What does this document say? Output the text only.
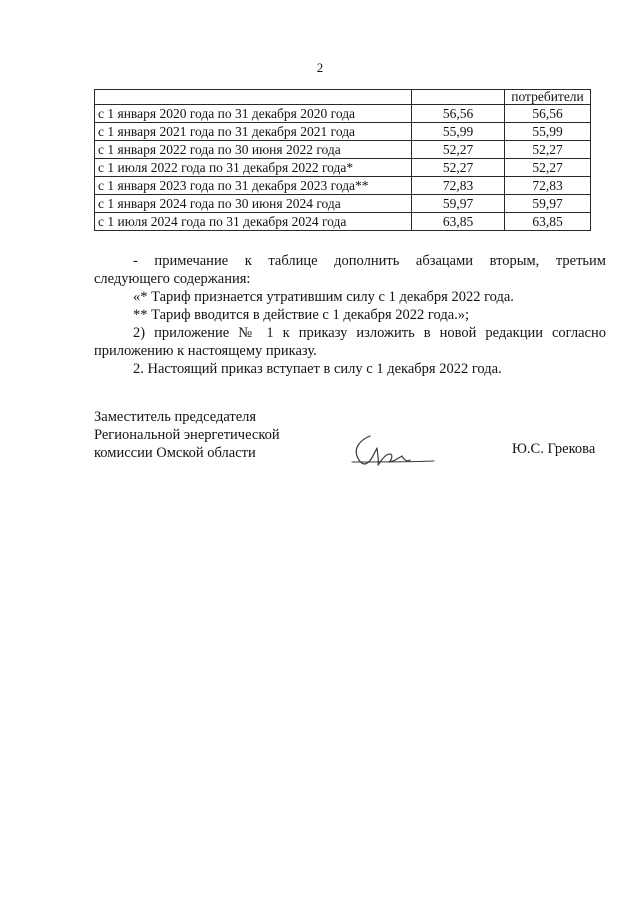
2
		потребители
с 1 января 2020 года по 31 декабря 2020 года	56,56	56,56
с 1 января 2021 года по 31 декабря 2021 года	55,99	55,99
с 1 января 2022 года по 30 июня 2022 года	52,27	52,27
с 1 июля 2022 года по 31 декабря 2022 года*	52,27	52,27
с 1 января 2023 года по 31 декабря 2023 года**	72,83	72,83
с 1 января 2024 года по 30 июня 2024 года	59,97	59,97
с 1 июля 2024 года по 31 декабря 2024 года	63,85	63,85

- примечание к таблице дополнить абзацами вторым, третьим

следующего содержания:

«* Тариф признается утратившим силу с 1 декабря 2022 года.

** Тариф вводится в действие с 1 декабря 2022 года.»;

2) приложение № 1 к приказу изложить в новой редакции согласно

приложению к настоящему приказу.

2. Настоящий приказ вступает в силу с 1 декабря 2022 года.

Заместитель председателя
Региональной энергетической
комиссии Омской области	Ю.С. Грекова
